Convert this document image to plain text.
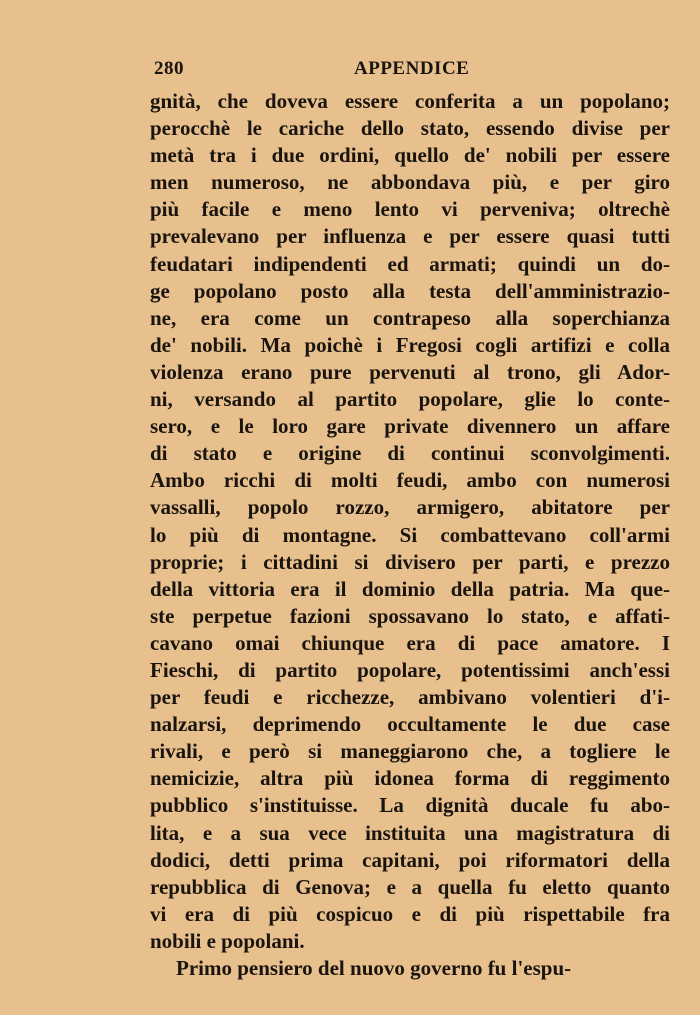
280	APPENDICE
gnità, che doveva essere conferita a un popolano;
perocchè le cariche dello stato, essendo divise per
metà tra i due ordini, quello de' nobili per essere
men numeroso, ne abbondava più, e per giro
più facile e meno lento vi perveniva; oltrechè
prevalevano per influenza e per essere quasi tutti
feudatari indipendenti ed armati; quindi un do-
ge popolano posto alla testa dell'amministrazio-
ne, era come un contrapeso alla soperchianza
de' nobili. Ma poichè i Fregosi cogli artifizi e colla
violenza erano pure pervenuti al trono, gli Ador-
ni, versando al partito popolare, glie lo conte-
sero, e le loro gare private divennero un affare
di stato e origine di continui sconvolgimenti.
Ambo ricchi di molti feudi, ambo con numerosi
vassalli, popolo rozzo, armigero, abitatore per
lo più di montagne. Si combattevano coll'armi
proprie; i cittadini si divisero per parti, e prezzo
della vittoria era il dominio della patria. Ma que-
ste perpetue fazioni spossavano lo stato, e affati-
cavano omai chiunque era di pace amatore. I
Fieschi, di partito popolare, potentissimi anch'essi
per feudi e ricchezze, ambivano volentieri d'i-
nalzarsi, deprimendo occultamente le due case
rivali, e però si maneggiarono che, a togliere le
nemicizie, altra più idonea forma di reggimento
pubblico s'instituisse. La dignità ducale fu abo-
lita, e a sua vece instituita una magistratura di
dodici, detti prima capitani, poi riformatori della
repubblica di Genova; e a quella fu eletto quanto
vi era di più cospicuo e di più rispettabile fra
nobili e popolani.
Primo pensiero del nuovo governo fu l'espu-
